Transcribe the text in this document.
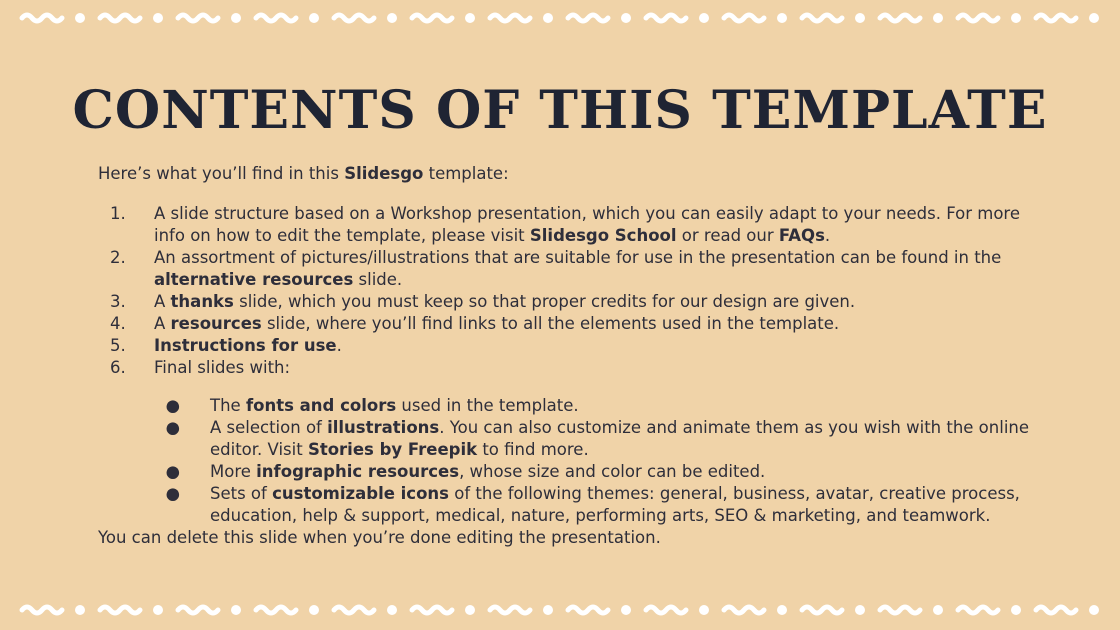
CONTENTS OF THIS TEMPLATE

Here’s what you’ll find in this Slidesgo template:

1.	A slide structure based on a Workshop presentation, which you can easily adapt to your needs. For more info on how to edit the template, please visit Slidesgo School or read our FAQs.
2.	An assortment of pictures/illustrations that are suitable for use in the presentation can be found in the alternative resources slide.
3.	A thanks slide, which you must keep so that proper credits for our design are given.
4.	A resources slide, where you’ll find links to all the elements used in the template.
5.	Instructions for use.
6.	Final slides with:
●	The fonts and colors used in the template.
●	A selection of illustrations. You can also customize and animate them as you wish with the online editor. Visit Stories by Freepik to find more.
●	More infographic resources, whose size and color can be edited.
●	Sets of customizable icons of the following themes: general, business, avatar, creative process, education, help & support, medical, nature, performing arts, SEO & marketing, and teamwork.

You can delete this slide when you’re done editing the presentation.
